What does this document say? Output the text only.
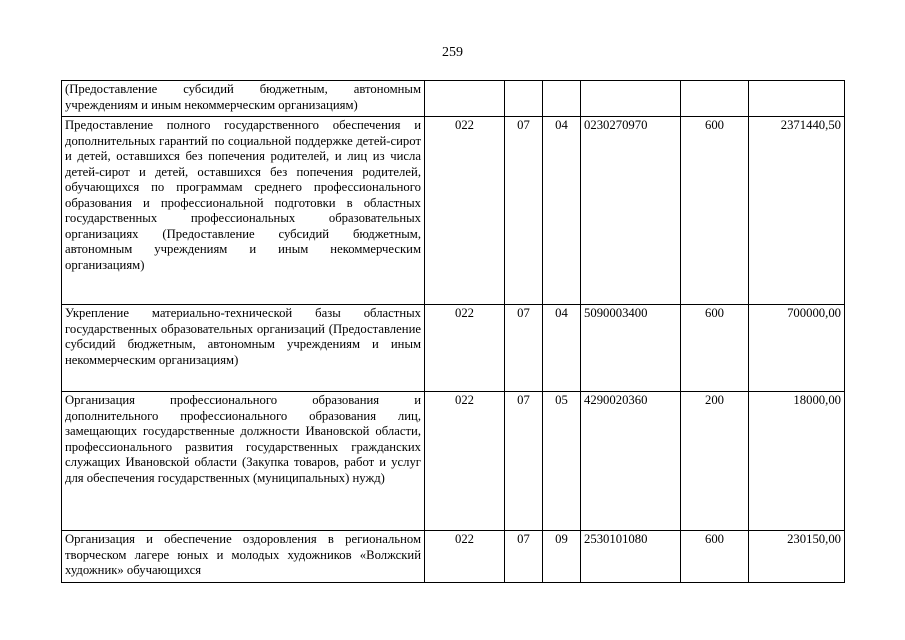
259
(Предоставление субсидий бюджетным, автономным учреждениям и иным некоммерческим организациям)						
Предоставление полного государственного обеспечения и дополнительных гарантий по социальной поддержке детей-сирот и детей, оставшихся без попечения родителей, и лиц из числа детей-сирот и детей, оставшихся без попечения родителей, обучающихся по программам среднего профессионального образования и профессиональной подготовки в областных государственных профессиональных образовательных организациях (Предоставление субсидий бюджетным, автономным учреждениям и иным некоммерческим организациям)	022	07	04	0230270970	600	2371440,50
Укрепление материально-технической базы областных государственных образовательных организаций (Предоставление субсидий бюджетным, автономным учреждениям и иным некоммерческим организациям)	022	07	04	5090003400	600	700000,00
Организация профессионального образования и дополнительного профессионального образования лиц, замещающих государственные должности Ивановской области, профессионального развития государственных гражданских служащих Ивановской области (Закупка товаров, работ и услуг для обеспечения государственных (муниципальных) нужд)	022	07	05	4290020360	200	18000,00
Организация и обеспечение оздоровления в региональном творческом лагере юных и молодых художников «Волжский художник» обучающихся	022	07	09	2530101080	600	230150,00
